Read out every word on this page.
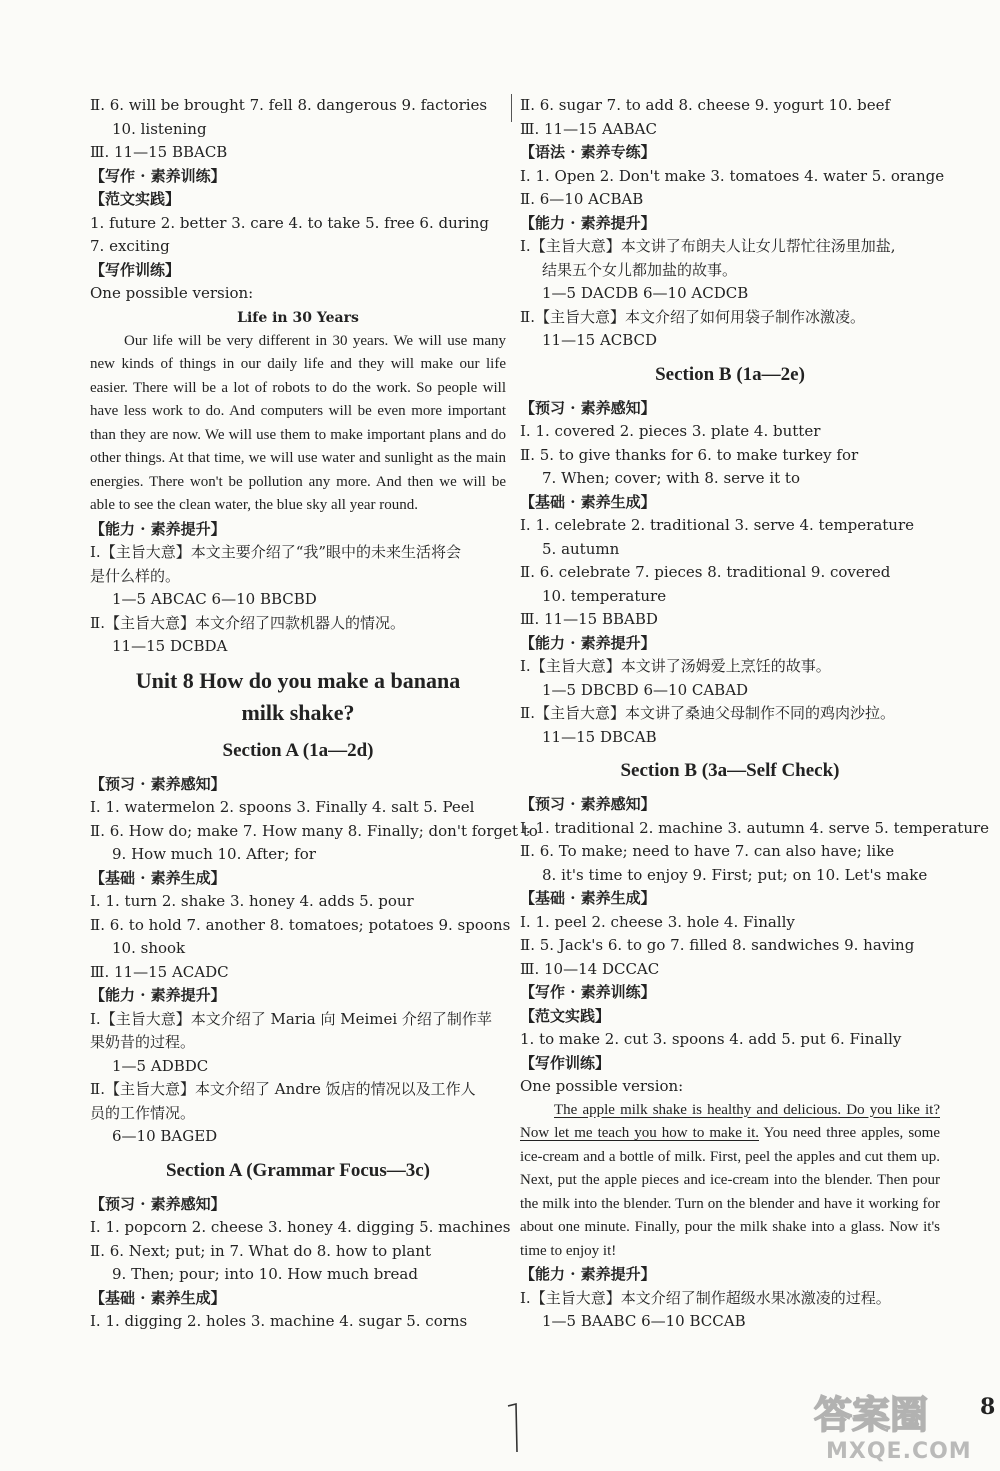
Ⅱ. 6. will be brought 7. fell 8. dangerous 9. factories
10. listening
Ⅲ. 11—15 BBACB
【写作 · 素养训练】
【范文实践】
1. future 2. better 3. care 4. to take 5. free 6. during
7. exciting
【写作训练】
One possible version:
Life in 30 Years

Our life will be very different in 30 years. We will use many new kinds of things in our daily life and they will make our life easier. There will be a lot of robots to do the work. So people will have less work to do. And computers will be even more important than they are now. We will use them to make important plans and do other things. At that time, we will use water and sunlight as the main energies. There won't be pollution any more. And then we will be able to see the clean water, the blue sky all year round.

【能力 · 素养提升】
Ⅰ.【主旨大意】本文主要介绍了“我”眼中的未来生活将会
是什么样的。
1—5 ABCAC 6—10 BBCBD
Ⅱ.【主旨大意】本文介绍了四款机器人的情况。
11—15 DCBDA
Unit 8 How do you make a banana
milk shake?
Section A (1a—2d)
【预习 · 素养感知】
Ⅰ. 1. watermelon 2. spoons 3. Finally 4. salt 5. Peel
Ⅱ. 6. How do; make 7. How many 8. Finally; don't forget to
9. How much 10. After; for
【基础 · 素养生成】
Ⅰ. 1. turn 2. shake 3. honey 4. adds 5. pour
Ⅱ. 6. to hold 7. another 8. tomatoes; potatoes 9. spoons
10. shook
Ⅲ. 11—15 ACADC
【能力 · 素养提升】
Ⅰ.【主旨大意】本文介绍了 Maria 向 Meimei 介绍了制作苹
果奶昔的过程。
1—5 ADBDC
Ⅱ.【主旨大意】本文介绍了 Andre 饭店的情况以及工作人
员的工作情况。
6—10 BAGED
Section A (Grammar Focus—3c)
【预习 · 素养感知】
Ⅰ. 1. popcorn 2. cheese 3. honey 4. digging 5. machines
Ⅱ. 6. Next; put; in 7. What do 8. how to plant
9. Then; pour; into 10. How much bread
【基础 · 素养生成】
Ⅰ. 1. digging 2. holes 3. machine 4. sugar 5. corns
Ⅱ. 6. sugar 7. to add 8. cheese 9. yogurt 10. beef
Ⅲ. 11—15 AABAC
【语法 · 素养专练】
Ⅰ. 1. Open 2. Don't make 3. tomatoes 4. water 5. orange
Ⅱ. 6—10 ACBAB
【能力 · 素养提升】
Ⅰ.【主旨大意】本文讲了布朗夫人让女儿帮忙往汤里加盐,
结果五个女儿都加盐的故事。
1—5 DACDB 6—10 ACDCB
Ⅱ.【主旨大意】本文介绍了如何用袋子制作冰激凌。
11—15 ACBCD
Section B (1a—2e)
【预习 · 素养感知】
Ⅰ. 1. covered 2. pieces 3. plate 4. butter
Ⅱ. 5. to give thanks for 6. to make turkey for
7. When; cover; with 8. serve it to
【基础 · 素养生成】
Ⅰ. 1. celebrate 2. traditional 3. serve 4. temperature
5. autumn
Ⅱ. 6. celebrate 7. pieces 8. traditional 9. covered
10. temperature
Ⅲ. 11—15 BBABD
【能力 · 素养提升】
Ⅰ.【主旨大意】本文讲了汤姆爱上烹饪的故事。
1—5 DBCBD 6—10 CABAD
Ⅱ.【主旨大意】本文讲了桑迪父母制作不同的鸡肉沙拉。
11—15 DBCAB
Section B (3a—Self Check)
【预习 · 素养感知】
Ⅰ. 1. traditional 2. machine 3. autumn 4. serve 5. temperature
Ⅱ. 6. To make; need to have 7. can also have; like
8. it's time to enjoy 9. First; put; on 10. Let's make
【基础 · 素养生成】
Ⅰ. 1. peel 2. cheese 3. hole 4. Finally
Ⅱ. 5. Jack's 6. to go 7. filled 8. sandwiches 9. having
Ⅲ. 10—14 DCCAC
【写作 · 素养训练】
【范文实践】
1. to make 2. cut 3. spoons 4. add 5. put 6. Finally
【写作训练】
One possible version:

The apple milk shake is healthy and delicious. Do you like it? Now let me teach you how to make it. You need three apples, some ice-cream and a bottle of milk. First, peel the apples and cut them up. Next, put the apple pieces and ice-cream into the blender. Then pour the milk into the blender. Turn on the blender and have it working for about one minute. Finally, pour the milk shake into a glass. Now it's time to enjoy it!

【能力 · 素养提升】
Ⅰ.【主旨大意】本文介绍了制作超级水果冰激凌的过程。
1—5 BAABC 6—10 BCCAB
8
答案圈
MXQE.COM
